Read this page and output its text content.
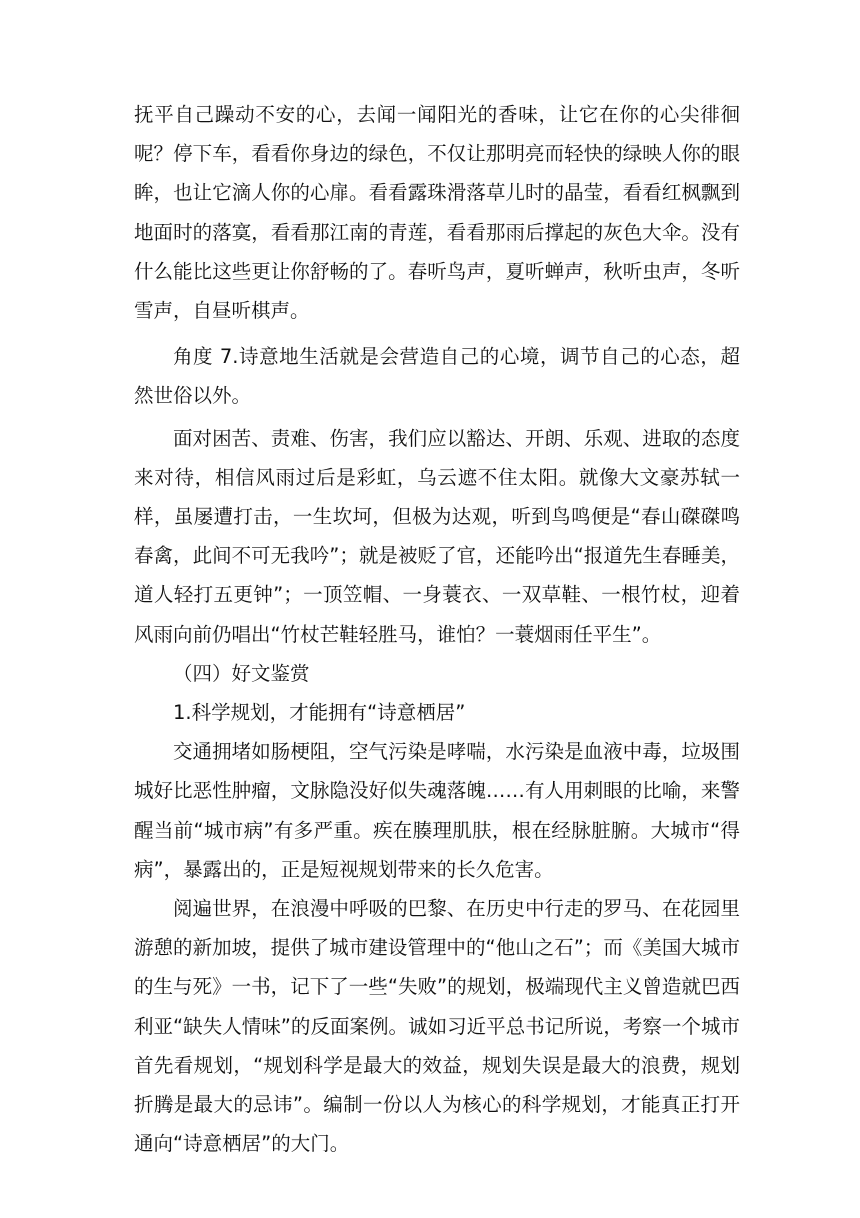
抚平自己躁动不安的心，去闻一闻阳光的香味，让它在你的心尖徘徊呢？停下车，看看你身边的绿色，不仅让那明亮而轻快的绿映人你的眼眸，也让它滴人你的心扉。看看露珠滑落草儿时的晶莹，看看红枫飘到地面时的落寞，看看那江南的青莲，看看那雨后撑起的灰色大伞。没有什么能比这些更让你舒畅的了。春听鸟声，夏听蝉声，秋听虫声，冬听雪声，自昼听棋声。

角度 7.诗意地生活就是会营造自己的心境，调节自己的心态，超然世俗以外。

面对困苦、责难、伤害，我们应以豁达、开朗、乐观、进取的态度来对待，相信风雨过后是彩虹，乌云遮不住太阳。就像大文豪苏轼一样，虽屡遭打击，一生坎坷，但极为达观，听到鸟鸣便是“春山磔磔鸣春禽，此间不可无我吟”；就是被贬了官，还能吟出“报道先生春睡美，道人轻打五更钟”；一顶笠帽、一身蓑衣、一双草鞋、一根竹杖，迎着风雨向前仍唱出“竹杖芒鞋轻胜马，谁怕？一蓑烟雨任平生”。

（四）好文鉴赏

1.科学规划，才能拥有“诗意栖居”

交通拥堵如肠梗阻，空气污染是哮喘，水污染是血液中毒，垃圾围城好比恶性肿瘤，文脉隐没好似失魂落魄……有人用刺眼的比喻，来警醒当前“城市病”有多严重。疾在腠理肌肤，根在经脉脏腑。大城市“得病”，暴露出的，正是短视规划带来的长久危害。

阅遍世界，在浪漫中呼吸的巴黎、在历史中行走的罗马、在花园里游憩的新加坡，提供了城市建设管理中的“他山之石”；而《美国大城市的生与死》一书，记下了一些“失败”的规划，极端现代主义曾造就巴西利亚“缺失人情味”的反面案例。诚如习近平总书记所说，考察一个城市首先看规划，“规划科学是最大的效益，规划失误是最大的浪费，规划折腾是最大的忌讳”。编制一份以人为核心的科学规划，才能真正打开通向“诗意栖居”的大门。
